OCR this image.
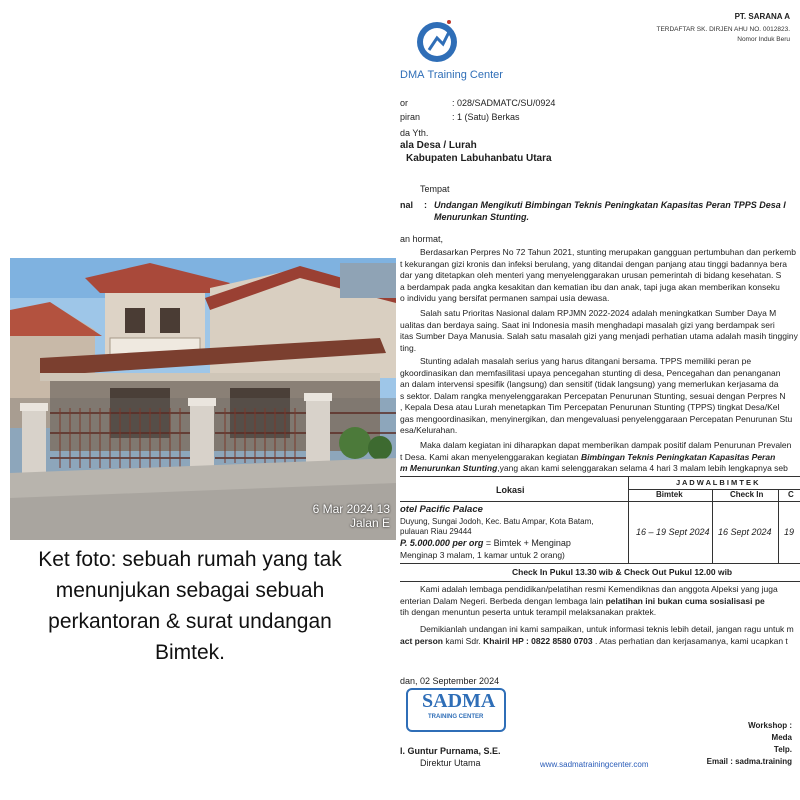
6 Mar 2024 13
Jalan E
Ket foto: sebuah rumah yang tak menunjukan sebagai sebuah perkantoran & surat undangan Bimtek.
DMA Training Center
PT. SARANA A
TERDAFTAR SK. DIRJEN AHU NO. 0012823.
Nomor Induk Beru
or	: 028/SADMATC/SU/0924
piran	: 1 (Satu) Berkas
da Yth.
ala Desa / Lurah
Kabupaten Labuhanbatu Utara
Tempat
nal : Undangan Mengikuti Bimbingan Teknis Peningkatan Kapasitas Peran TPPS Desa l
Menurunkan Stunting.
an hormat,
Berdasarkan Perpres No 72 Tahun 2021, stunting merupakan gangguan pertumbuhan dan perkemb
t kekurangan gizi kronis dan infeksi berulang, yang ditandai dengan panjang atau tinggi badannya bera
dar yang ditetapkan oleh menteri yang menyelenggarakan urusan pemerintah di bidang kesehatan. S
a berdampak pada angka kesakitan dan kematian ibu dan anak, tapi juga akan memberikan konseku
o individu yang bersifat permanen sampai usia dewasa.
Salah satu Prioritas Nasional dalam RPJMN 2022-2024 adalah meningkatkan Sumber Daya M
ualitas dan berdaya saing. Saat ini Indonesia masih menghadapi masalah gizi yang berdampak seri
itas Sumber Daya Manusia. Salah satu masalah gizi yang menjadi perhatian utama adalah masih tingginy
ting.
Stunting adalah masalah serius yang harus ditangani bersama. TPPS memiliki peran pe
gkoordinasikan dan memfasilitasi upaya pencegahan stunting di desa, Pencegahan dan penanganan
an dalam intervensi spesifik (langsung) dan sensitif (tidak langsung) yang memerlukan kerjasama da
s sektor. Dalam rangka menyelenggarakan Percepatan Penurunan Stunting, sesuai dengan Perpres N
, Kepala Desa atau Lurah menetapkan Tim Percepatan Penurunan Stunting (TPPS) tingkat Desa/Kel
gas mengoordinasikan, menyinergikan, dan mengevaluasi penyelenggaraan Percepatan Penurunan Stu
esa/Kelurahan.
Maka dalam kegiatan ini diharapkan dapat memberikan dampak positif dalam Penurunan Prevalen
t Desa. Kami akan menyelenggarakan kegiatan Bimbingan Teknis Peningkatan Kapasitas Peran
m Menurunkan Stunting,yang akan kami selenggarakan selama 4 hari 3 malam lebih lengkapnya seb
Lokasi
J A D W A L B I M T E K
Bimtek	Check In	C
otel Pacific Palace
Duyung, Sungai Jodoh, Kec. Batu Ampar, Kota Batam,
pulauan Riau 29444
P. 5.000.000 per org = Bimtek + Menginap
Menginap 3 malam, 1 kamar untuk 2 orang)
16 – 19 Sept 2024 16 Sept 2024 19
Check In Pukul 13.30 wib & Check Out Pukul 12.00 wib
Kami adalah lembaga pendidikan/pelatihan resmi Kemendiknas dan anggota Alpeksi yang juga
enterian Dalam Negeri. Berbeda dengan lembaga lain pelatihan ini bukan cuma sosialisasi pe
tih dengan menuntun peserta untuk terampil melaksanakan praktek.
Demikianlah undangan ini kami sampaikan, untuk informasi teknis lebih detail, jangan ragu untuk m
act person kami Sdr. Khairil HP : 0822 8580 0703 . Atas perhatian dan kerjasamanya, kami ucapkan t
dan, 02 September 2024
SADMA
TRAINING CENTER
l. Guntur Purnama, S.E.
Direktur Utama	www.sadmatrainingcenter.com
Workshop :
Meda
Telp.
Email : sadma.training
